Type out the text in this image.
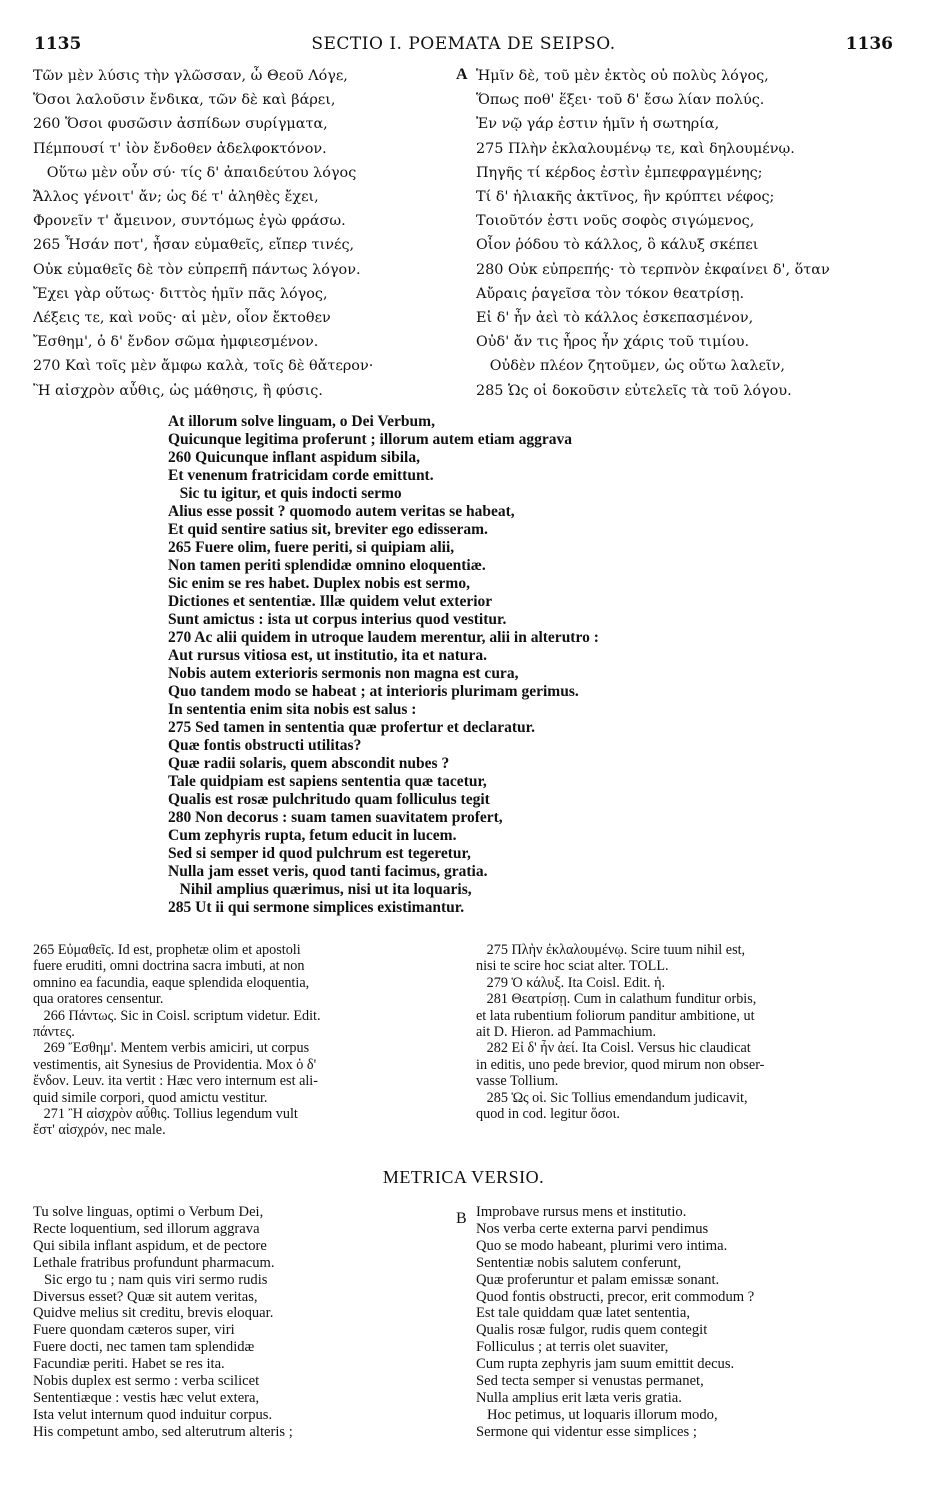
1135	SECTIO I. POEMATA DE SEIPSO.	1136
Τῶν μὲν λύσις τὴν γλῶσσαν, ὦ Θεοῦ Λόγε,
Ὅσοι λαλοῦσιν ἔνδικα, τῶν δὲ καὶ βάρει,
260 Ὅσοι φυσῶσιν ἀσπίδων συρίγματα,
Πέμπουσί τ' ἰὸν ἔνδοθεν ἀδελφοκτόνον.
Οὕτω μὲν οὖν σύ· τίς δ' ἀπαιδεύτου λόγος
Ἄλλος γένοιτ' ἄν; ὡς δέ τ' ἀληθὲς ἔχει,
Φρονεῖν τ' ἄμεινον, συντόμως ἐγὼ φράσω.
265 Ἦσάν ποτ', ἦσαν εὐμαθεῖς, εἴπερ τινές,
Οὐκ εὐμαθεῖς δὲ τὸν εὐπρεπῆ πάντως λόγον.
Ἔχει γὰρ οὕτως· διττὸς ἡμῖν πᾶς λόγος,
Λέξεις τε, καὶ νοῦς· αἱ μὲν, οἷον ἔκτοθεν
Ἔσθημ', ὁ δ' ἔνδον σῶμα ἠμφιεσμένον.
270 Καὶ τοῖς μὲν ἄμφω καλὰ, τοῖς δὲ θἄτερον·
Ἢ αἰσχρὸν αὖθις, ὡς μάθησις, ἢ φύσις.
A Ἡμῖν δὲ, τοῦ μὲν ἐκτὸς οὐ πολὺς λόγος,
Ὅπως ποθ' ἕξει· τοῦ δ' ἔσω λίαν πολύς.
Ἐν νῷ γάρ ἐστιν ἡμῖν ἡ σωτηρία,
275 Πλὴν ἐκλαλουμένῳ τε, καὶ δηλουμένῳ.
Πηγῆς τί κέρδος ἐστὶν ἐμπεφραγμένης;
Τί δ' ἡλιακῆς ἀκτῖνος, ἣν κρύπτει νέφος;
Τοιοῦτόν ἐστι νοῦς σοφὸς σιγώμενος,
Οἷον ῥόδου τὸ κάλλος, ὃ κάλυξ σκέπει
280 Οὐκ εὐπρεπής· τὸ τερπνὸν ἐκφαίνει δ', ὅταν
Αὔραις ῥαγεῖσα τὸν τόκον θεατρίσῃ.
Εἰ δ' ἦν ἀεὶ τὸ κάλλος ἐσκεπασμένον,
Οὐδ' ἄν τις ἦρος ἦν χάρις τοῦ τιμίου.
Οὐδὲν πλέον ζητοῦμεν, ὡς οὕτω λαλεῖν,
285 Ὡς οἱ δοκοῦσιν εὐτελεῖς τὰ τοῦ λόγου.
At illorum solve linguam, o Dei Verbum,
Quicunque legitima proferunt ; illorum autem etiam aggrava
260 Quicunque inflant aspidum sibila,
Et venenum fratricidam corde emittunt.
Sic tu igitur, et quis indocti sermo
Alius esse possit ? quomodo autem veritas se habeat,
Et quid sentire satius sit, breviter ego edisseram.
265 Fuere olim, fuere periti, si quipiam alii,
Non tamen periti splendidæ omnino eloquentiæ.
Sic enim se res habet. Duplex nobis est sermo,
Dictiones et sententiæ. Illæ quidem velut exterior
Sunt amictus : ista ut corpus interius quod vestitur.
270 Ac alii quidem in utroque laudem merentur, alii in alterutro :
Aut rursus vitiosa est, ut institutio, ita et natura.
Nobis autem exterioris sermonis non magna est cura,
Quo tandem modo se habeat ; at interioris plurimam gerimus.
In sententia enim sita nobis est salus :
275 Sed tamen in sententia quæ profertur et declaratur.
Quæ fontis obstructi utilitas?
Quæ radii solaris, quem abscondit nubes ?
Tale quidpiam est sapiens sententia quæ tacetur,
Qualis est rosæ pulchritudo quam folliculus tegit
280 Non decorus : suam tamen suavitatem profert,
Cum zephyris rupta, fetum educit in lucem.
Sed si semper id quod pulchrum est tegeretur,
Nulla jam esset veris, quod tanti facimus, gratia.
Nihil amplius quærimus, nisi ut ita loquaris,
285 Ut ii qui sermone simplices existimantur.
265 Εὐμαθεῖς. Id est, prophetæ olim et apostoli
fuere eruditi, omni doctrina sacra imbuti, at non
omnino ea facundia, eaque splendida eloquentia,
qua oratores censentur.
266 Πάντως. Sic in Coisl. scriptum videtur. Edit.
πάντες.
269 Ἔσθημ'. Mentem verbis amiciri, ut corpus
vestimentis, ait Synesius de Providentia. Mox ὁ δ'
ἔνδον. Leuv. ita vertit : Hæc vero internum est ali-
quid simile corpori, quod amictu vestitur.
271 Ἢ αἰσχρὸν αὖθις. Tollius legendum vult
ἔστ' αἰσχρόν, nec male.
275 Πλὴν ἐκλαλουμένῳ. Scire tuum nihil est,
nisi te scire hoc sciat alter. TOLL.
279 Ὁ κάλυξ. Ita Coisl. Edit. ἡ.
281 Θεατρίσῃ. Cum in calathum funditur orbis,
et lata rubentium foliorum panditur ambitione, ut
ait D. Hieron. ad Pammachium.
282 Εἰ δ' ἦν ἀεί. Ita Coisl. Versus hic claudicat
in editis, uno pede brevior, quod mirum non obser-
vasse Tollium.
285 Ὡς οἱ. Sic Tollius emendandum judicavit,
quod in cod. legitur ὅσοι.
METRICA VERSIO.
Tu solve linguas, optimi o Verbum Dei,
Recte loquentium, sed illorum aggrava
Qui sibila inflant aspidum, et de pectore
Lethale fratribus profundunt pharmacum.
Sic ergo tu ; nam quis viri sermo rudis
Diversus esset? Quæ sit autem veritas,
Quidve melius sit creditu, brevis eloquar.
Fuere quondam cæteros super, viri
Fuere docti, nec tamen tam splendidæ
Facundiæ periti. Habet se res ita.
Nobis duplex est sermo : verba scilicet
Sententiæque : vestis hæc velut extera,
Ista velut internum quod induitur corpus.
His competunt ambo, sed alterutrum alteris ;
B Improbave rursus mens et institutio.
Nos verba certe externa parvi pendimus
Quo se modo habeant, plurimi vero intima.
Sententiæ nobis salutem conferunt,
Quæ proferuntur et palam emissæ sonant.
Quod fontis obstructi, precor, erit commodum ?
Est tale quiddam quæ latet sententia,
Qualis rosæ fulgor, rudis quem contegit
Folliculus ; at terris olet suaviter,
Cum rupta zephyris jam suum emittit decus.
Sed tecta semper si venustas permanet,
Nulla amplius erit læta veris gratia.
Hoc petimus, ut loquaris illorum modo,
Sermone qui videntur esse simplices ;
